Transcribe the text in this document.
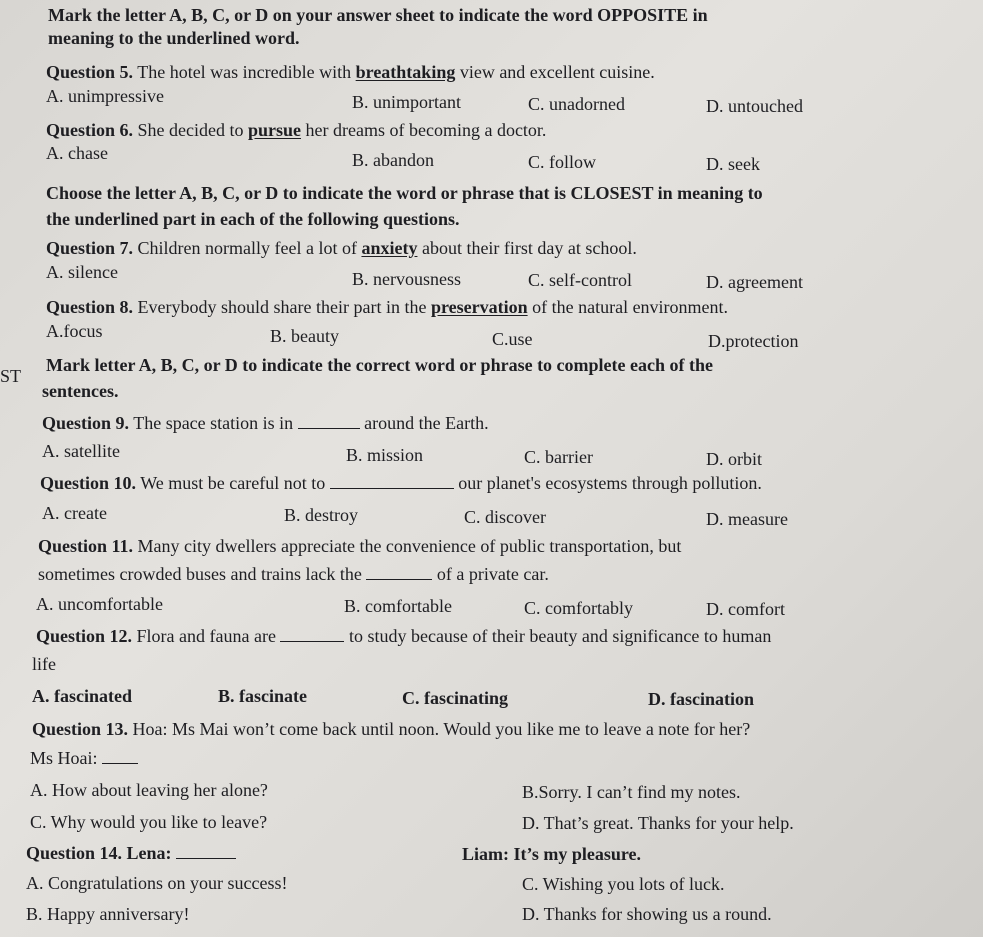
Mark the letter A, B, C, or D on your answer sheet to indicate the word OPPOSITE in
meaning to the underlined word.
Question 5. The hotel was incredible with breathtaking view and excellent cuisine.
A. unimpressive	B. unimportant	C. unadorned	D. untouched
Question 6. She decided to pursue her dreams of becoming a doctor.
A. chase	B. abandon	C. follow	D. seek
Choose the letter A, B, C, or D to indicate the word or phrase that is CLOSEST in meaning to
the underlined part in each of the following questions.
Question 7. Children normally feel a lot of anxiety about their first day at school.
A. silence	B. nervousness	C. self-control	D. agreement
Question 8. Everybody should share their part in the preservation of the natural environment.
A.focus	B. beauty	C.use	D.protection
Mark letter A, B, C, or D to indicate the correct word or phrase to complete each of the
ST
sentences.
Question 9. The space station is in	around the Earth.
A. satellite	B. mission	C. barrier	D. orbit
Question 10. We must be careful not to	our planet's ecosystems through pollution.
A. create	B. destroy	C. discover	D. measure
Question 11. Many city dwellers appreciate the convenience of public transportation, but
sometimes crowded buses and trains lack the	of a private car.
A. uncomfortable	B. comfortable	C. comfortably	D. comfort
Question 12. Flora and fauna are	to study because of their beauty and significance to human
life
A. fascinated	B. fascinate	C. fascinating	D. fascination
Question 13. Hoa: Ms Mai won’t come back until noon. Would you like me to leave a note for her?
Ms Hoai:
A. How about leaving her alone?	B.Sorry. I can’t find my notes.
C. Why would you like to leave?	D. That’s great. Thanks for your help.
Question 14. Lena:	Liam: It’s my pleasure.
A. Congratulations on your success!	C. Wishing you lots of luck.
B. Happy anniversary!	D. Thanks for showing us a round.
